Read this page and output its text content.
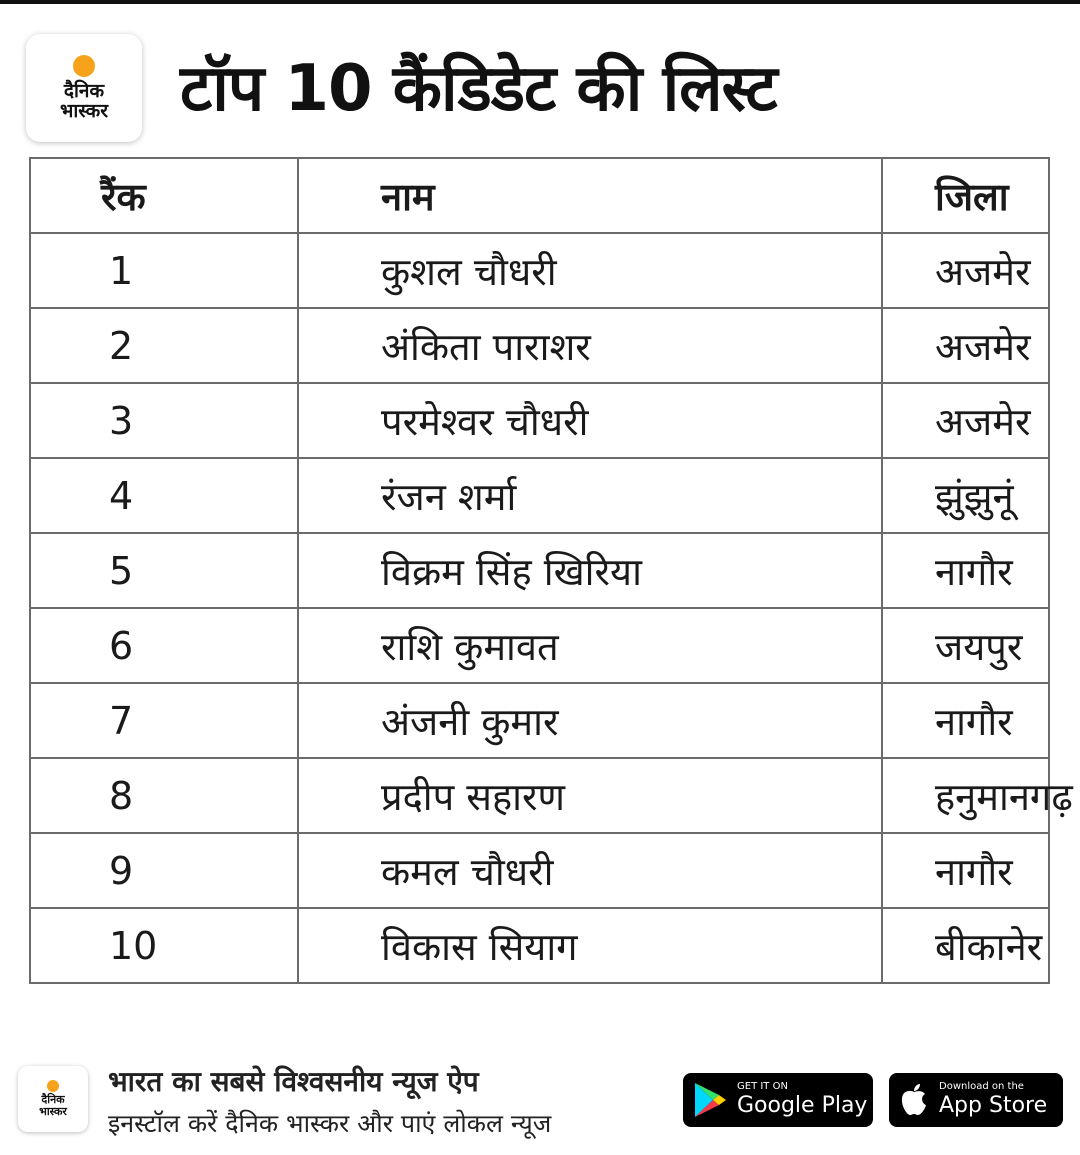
दैनिक
भास्कर टॉप 10 कैंडिडेट की लिस्ट
रैंक	नाम	जिला
1	कुशल चौधरी	अजमेर
2	अंकिता पाराशर	अजमेर
3	परमेश्वर चौधरी	अजमेर
4	रंजन शर्मा	झुंझुनूं
5	विक्रम सिंह खिरिया	नागौर
6	राशि कुमावत	जयपुर
7	अंजनी कुमार	नागौर
8	प्रदीप सहारण	हनुमानगढ़
9	कमल चौधरी	नागौर
10	विकास सियाग	बीकानेर
दैनिक
भास्कर
भारत का सबसे विश्वसनीय न्यूज ऐप
इनस्टॉल करें दैनिक भास्कर और पाएं लोकल न्यूज
GET IT ON
Google Play
Download on the
App Store
